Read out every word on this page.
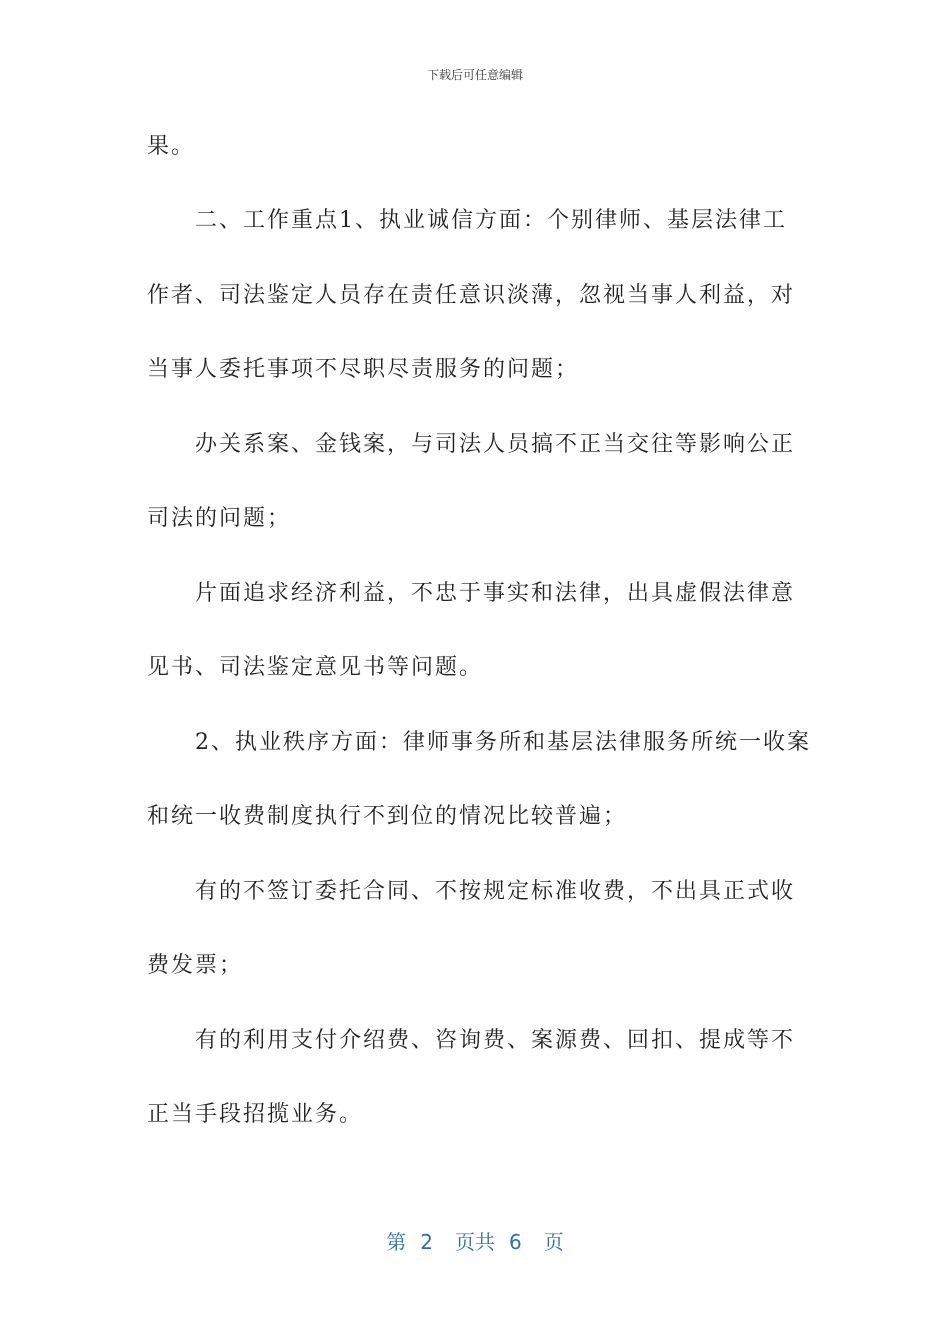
下载后可任意编辑
果。
　　二、工作重点1、执业诚信方面：个别律师、基层法律工
作者、司法鉴定人员存在责任意识淡薄，忽视当事人利益，对
当事人委托事项不尽职尽责服务的问题；
　　办关系案、金钱案，与司法人员搞不正当交往等影响公正
司法的问题；
　　片面追求经济利益，不忠于事实和法律，出具虚假法律意
见书、司法鉴定意见书等问题。
　　2、执业秩序方面：律师事务所和基层法律服务所统一收案
和统一收费制度执行不到位的情况比较普遍；
　　有的不签订委托合同、不按规定标准收费，不出具正式收
费发票；
　　有的利用支付介绍费、咨询费、案源费、回扣、提成等不
正当手段招揽业务。
第 2 页共 6 页
